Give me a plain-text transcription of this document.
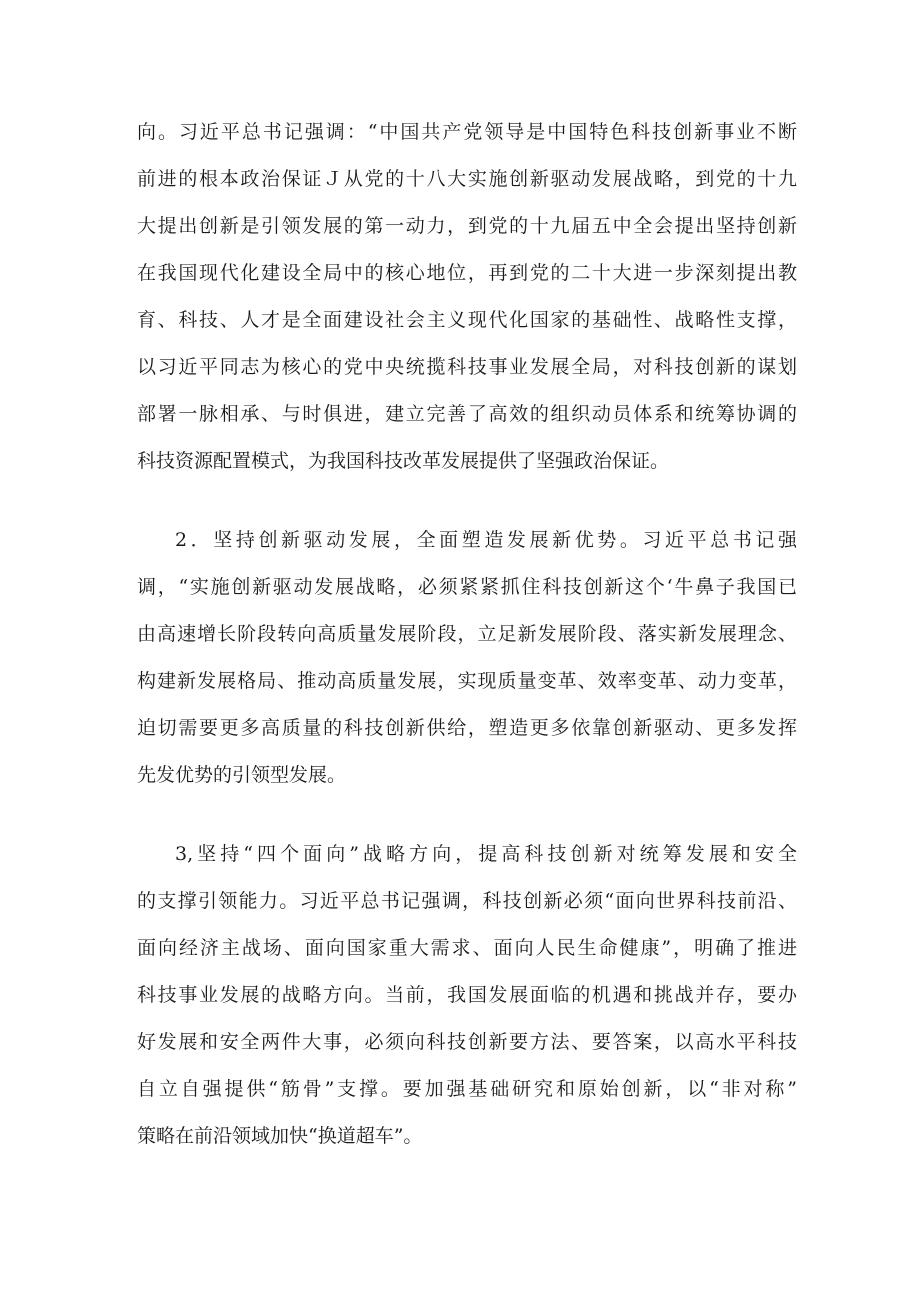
向。习近平总书记强调：“中国共产党领导是中国特色科技创新事业不断
前进的根本政治保证Ｊ从党的十八大实施创新驱动发展战略，到党的十九
大提出创新是引领发展的第一动力，到党的十九届五中全会提出坚持创新
在我国现代化建设全局中的核心地位，再到党的二十大进一步深刻提出教
育、科技、人才是全面建设社会主义现代化国家的基础性、战略性支撑，
以习近平同志为核心的党中央统揽科技事业发展全局，对科技创新的谋划
部署一脉相承、与时俱进，建立完善了高效的组织动员体系和统筹协调的
科技资源配置模式，为我国科技改革发展提供了坚强政治保证。
2．坚持创新驱动发展，全面塑造发展新优势。习近平总书记强
调，“实施创新驱动发展战略，必须紧紧抓住科技创新这个‘牛鼻子我国已
由高速增长阶段转向高质量发展阶段，立足新发展阶段、落实新发展理念、
构建新发展格局、推动高质量发展，实现质量变革、效率变革、动力变革，
迫切需要更多高质量的科技创新供给，塑造更多依靠创新驱动、更多发挥
先发优势的引领型发展。
3,坚持“四个面向”战略方向，提高科技创新对统筹发展和安全
的支撑引领能力。习近平总书记强调，科技创新必须“面向世界科技前沿、
面向经济主战场、面向国家重大需求、面向人民生命健康”，明确了推进
科技事业发展的战略方向。当前，我国发展面临的机遇和挑战并存，要办
好发展和安全两件大事，必须向科技创新要方法、要答案，以高水平科技
自立自强提供“筋骨”支撑。要加强基础研究和原始创新，以“非对称”
策略在前沿领域加快“换道超车”。
